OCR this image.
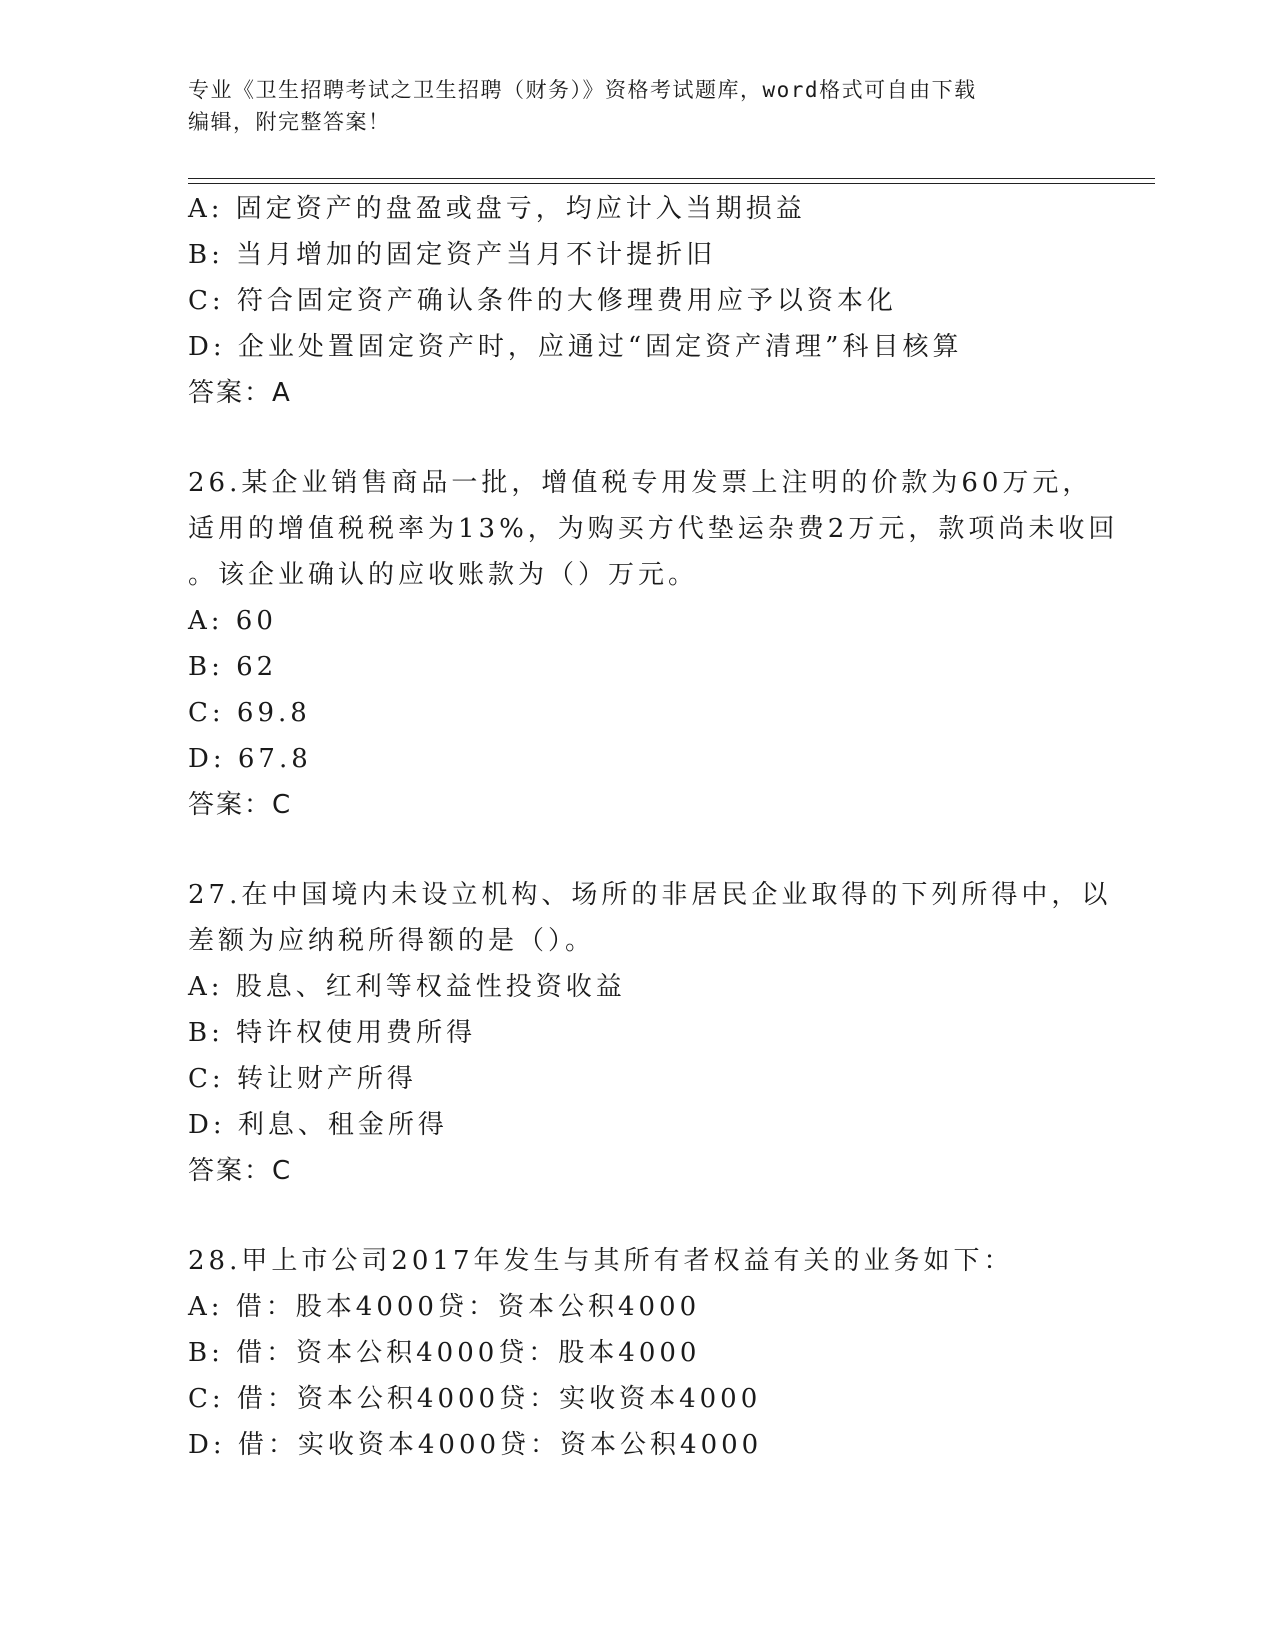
专业《卫生招聘考试之卫生招聘（财务）》资格考试题库，word格式可自由下载
编辑，附完整答案！
A: 固定资产的盘盈或盘亏，均应计入当期损益
B: 当月增加的固定资产当月不计提折旧
C: 符合固定资产确认条件的大修理费用应予以资本化
D: 企业处置固定资产时，应通过“固定资产清理”科目核算
答案：A
26.某企业销售商品一批，增值税专用发票上注明的价款为60万元，
适用的增值税税率为13%，为购买方代垫运杂费2万元，款项尚未收回
。该企业确认的应收账款为（）万元。
A: 60
B: 62
C: 69.8
D: 67.8
答案：C
27.在中国境内未设立机构、场所的非居民企业取得的下列所得中，以
差额为应纳税所得额的是（）。
A: 股息、红利等权益性投资收益
B: 特许权使用费所得
C: 转让财产所得
D: 利息、租金所得
答案：C
28.甲上市公司2017年发生与其所有者权益有关的业务如下：
A: 借：股本4000贷：资本公积4000
B: 借：资本公积4000贷：股本4000
C: 借：资本公积4000贷：实收资本4000
D: 借：实收资本4000贷：资本公积4000
